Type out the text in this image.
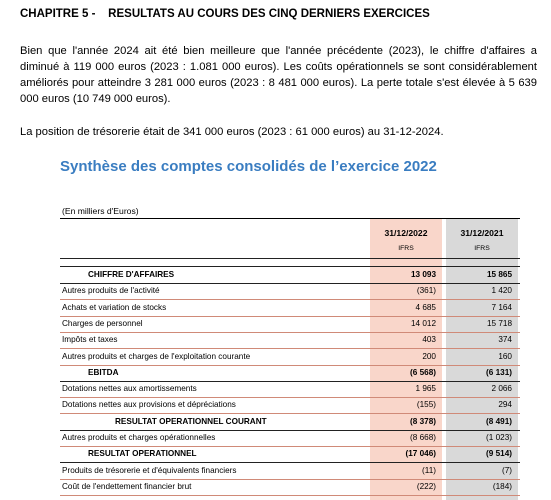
CHAPITRE 5 -    RESULTATS AU COURS DES CINQ DERNIERS EXERCICES
Bien que l'année 2024 ait été bien meilleure que l'année précédente (2023), le chiffre d'affaires a diminué à 119 000 euros (2023 : 1.081 000 euros). Les coûts opérationnels se sont considérablement améliorés pour atteindre 3 281 000 euros (2023 : 8 481 000 euros). La perte totale s'est élevée à 5 639 000 euros (10 749 000 euros).
La position de trésorerie était de 341 000 euros (2023 : 61 000 euros) au 31-12-2024.
Synthèse des comptes consolidés de l’exercice 2022
(En milliers d'Euros)
31/12/2022	31/12/2021
IFRS	IFRS
CHIFFRE D'AFFAIRES	13 093	15 865
Autres produits de l'activité	(361)	1 420
Achats et variation de stocks	4 685	7 164
Charges de personnel	14 012	15 718
Impôts et taxes	403	374
Autres produits et charges de l'exploitation courante	200	160
EBITDA	(6 568)	(6 131)
Dotations nettes aux amortissements	1 965	2 066
Dotations nettes aux provisions et dépréciations	(155)	294
RESULTAT OPERATIONNEL COURANT	(8 378)	(8 491)
Autres produits et charges opérationnelles	(8 668)	(1 023)
RESULTAT OPERATIONNEL	(17 046)	(9 514)
Produits de trésorerie et d'équivalents financiers	(11)	(7)
Coût de l'endettement financier brut	(222)	(184)
